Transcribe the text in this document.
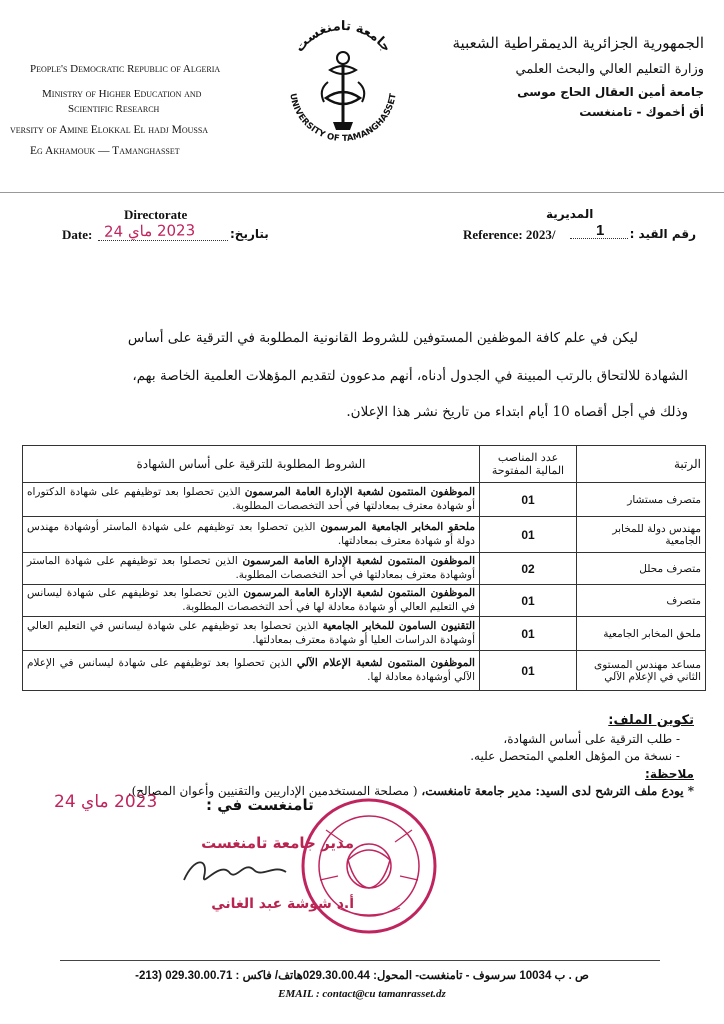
الجمهورية الجزائرية الديمقراطية الشعبية
وزارة التعليم العالي والبحث العلمي
جامعة أمين العقال الحاج موسى
أق أخموك - تامنغست
People's Democratic Republic of Algeria
Ministry of Higher Education and
Scientific Research
versity of Amine Elokkal El hadj Moussa
Eg Akhamouk — Tamanghasset
جامعة تامنغست
UNIVERSITY OF TAMANGHASSET
المديرية
Directorate
رقم القيد :
Reference: 2023/	1
Date: 2023 ماي 24	بتاريخ:
ليكن في علم كافة الموظفين المستوفين للشروط القانونية المطلوبة في الترقية على أساس
الشهادة للالتحاق بالرتب المبينة في الجدول أدناه، أنهم مدعوون لتقديم المؤهلات العلمية الخاصة بهم،
وذلك في أجل أقصاه 10 أيام ابتداء من تاريخ نشر هذا الإعلان.
الرتبة	عدد المناصب المالية المفتوحة	الشروط المطلوبة للترقية على أساس الشهادة
متصرف مستشار	01	الموظفون المنتمون لشعبة الإدارة العامة المرسمون الذين تحصلوا بعد توظيفهم على شهادة الدكتوراه أو شهادة معترف بمعادلتها في أحد التخصصات المطلوبة.
مهندس دولة للمخابر الجامعية	01	ملحقو المخابر الجامعية المرسمون الذين تحصلوا بعد توظيفهم على شهادة الماستر أوشهادة مهندس دولة أو شهادة معترف بمعادلتها.
متصرف محلل	02	الموظفون المنتمون لشعبة الإدارة العامة المرسمون الذين تحصلوا بعد توظيفهم على شهادة الماستر أوشهادة معترف بمعادلتها في أحد التخصصات المطلوبة.
متصرف	01	الموظفون المنتمون لشعبة الإدارة العامة المرسمون الذين تحصلوا بعد توظيفهم على شهادة ليسانس في التعليم العالي أو شهادة معادلة لها في أحد التخصصات المطلوبة.
ملحق المخابر الجامعية	01	التقنيون السامون للمخابر الجامعية الذين تحصلوا بعد توظيفهم على شهادة ليسانس في التعليم العالي أوشهادة الدراسات العليا أو شهادة معترف بمعادلتها.
مساعد مهندس المستوى الثاني في الإعلام الآلي	01	الموظفون المنتمون لشعبة الإعلام الآلي الذين تحصلوا بعد توظيفهم على شهادة ليسانس في الإعلام الآلي أوشهادة معادلة لها.
تكوين الملف:
- طلب الترقية على أساس الشهادة،
- نسخة من المؤهل العلمي المتحصل عليه.
ملاحظة:
* يودع ملف الترشح لدى السيد: مدير جامعة تامنغست، ( مصلحة المستخدمين الإداريين والتقنيين وأعوان المصالح).
2023 ماي 24	تامنغست في :
مدير جامعة تامنغست
أ.د شوشة عبد الغاني
ص . ب 10034 سرسوف - تامنغست- المحول: 029.30.00.44هاتف/ فاكس : 029.30.00.71 (213-
EMAIL : contact@cu tamanrasset.dz
